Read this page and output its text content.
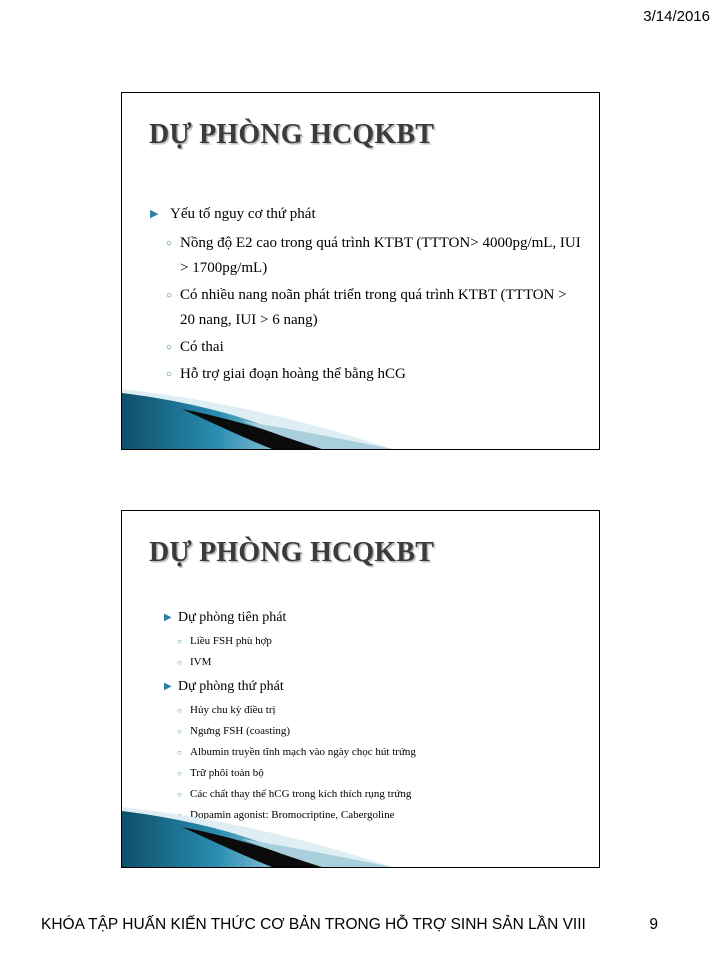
3/14/2016
DỰ PHÒNG HCQKBT
▶ Yếu tố nguy cơ thứ phát
○ Nồng độ E2 cao trong quá trình KTBT (TTTON> 4000pg/mL, IUI > 1700pg/mL)
○ Có nhiều nang noãn phát triển trong quá trình KTBT (TTTON > 20 nang, IUI > 6 nang)
○ Có thai
○ Hỗ trợ giai đoạn hoàng thể bằng hCG
DỰ PHÒNG HCQKBT
▶ Dự phòng tiên phát
○ Liều FSH phù hợp
○ IVM
▶ Dự phòng thứ phát
○ Hủy chu kỳ điều trị
○ Ngưng FSH (coasting)
○ Albumin truyền tĩnh mạch vào ngày chọc hút trứng
○ Trữ phôi toàn bộ
○ Các chất thay thế hCG trong kích thích rụng trứng
Dopamin agonist: Bromocriptine, Cabergoline
KHÓA TẬP HUẤN KIẾN THỨC CƠ BẢN TRONG HỖ TRỢ SINH SẢN LẦN VIII	9
